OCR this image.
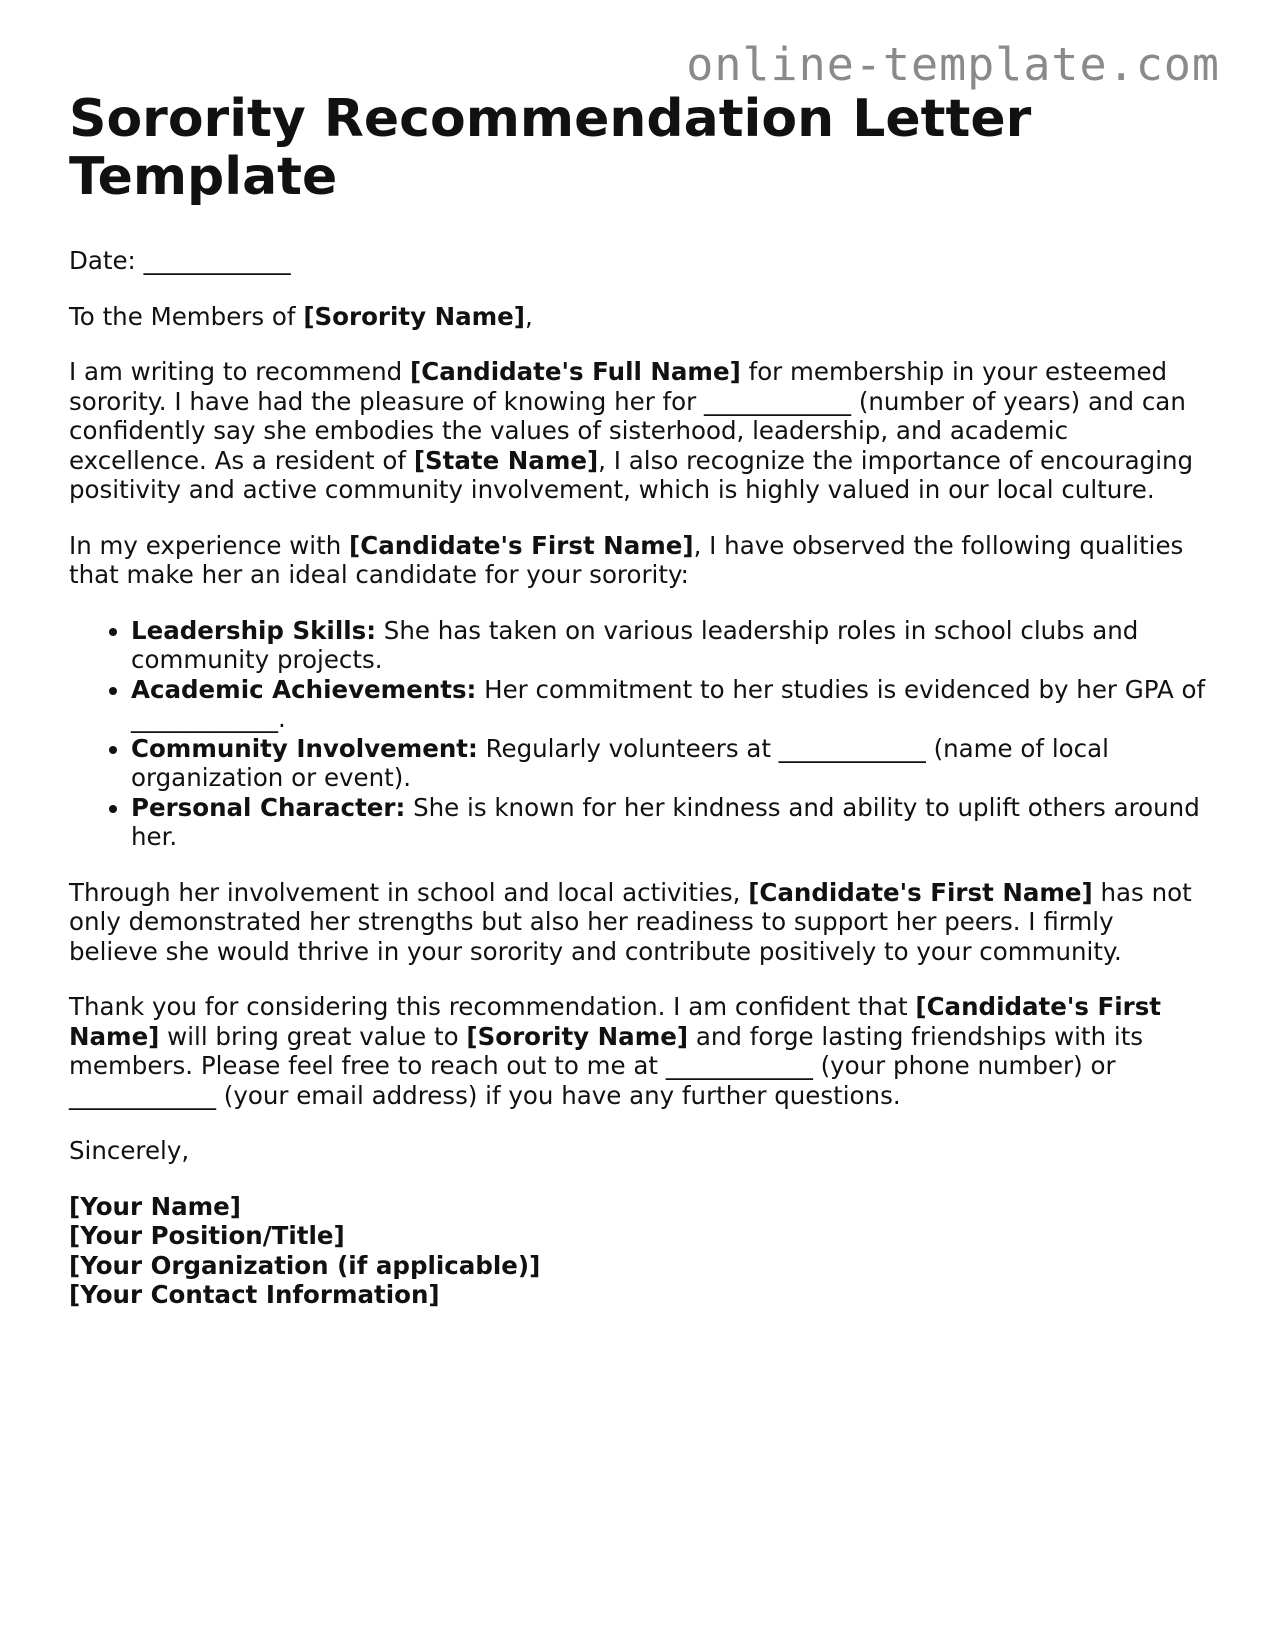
online-template.com
Sorority Recommendation Letter Template

Date: ____________

To the Members of [Sorority Name],

I am writing to recommend [Candidate's Full Name] for membership in your esteemed sorority. I have had the pleasure of knowing her for ____________ (number of years) and can confidently say she embodies the values of sisterhood, leadership, and academic excellence. As a resident of [State Name], I also recognize the importance of encouraging positivity and active community involvement, which is highly valued in our local culture.

In my experience with [Candidate's First Name], I have observed the following qualities that make her an ideal candidate for your sorority:

• Leadership Skills: She has taken on various leadership roles in school clubs and community projects.
• Academic Achievements: Her commitment to her studies is evidenced by her GPA of ____________.
• Community Involvement: Regularly volunteers at ____________ (name of local organization or event).
• Personal Character: She is known for her kindness and ability to uplift others around her.

Through her involvement in school and local activities, [Candidate's First Name] has not only demonstrated her strengths but also her readiness to support her peers. I firmly believe she would thrive in your sorority and contribute positively to your community.

Thank you for considering this recommendation. I am confident that [Candidate's First Name] will bring great value to [Sorority Name] and forge lasting friendships with its members. Please feel free to reach out to me at ____________ (your phone number) or ____________ (your email address) if you have any further questions.

Sincerely,

[Your Name]
[Your Position/Title]
[Your Organization (if applicable)]
[Your Contact Information]
